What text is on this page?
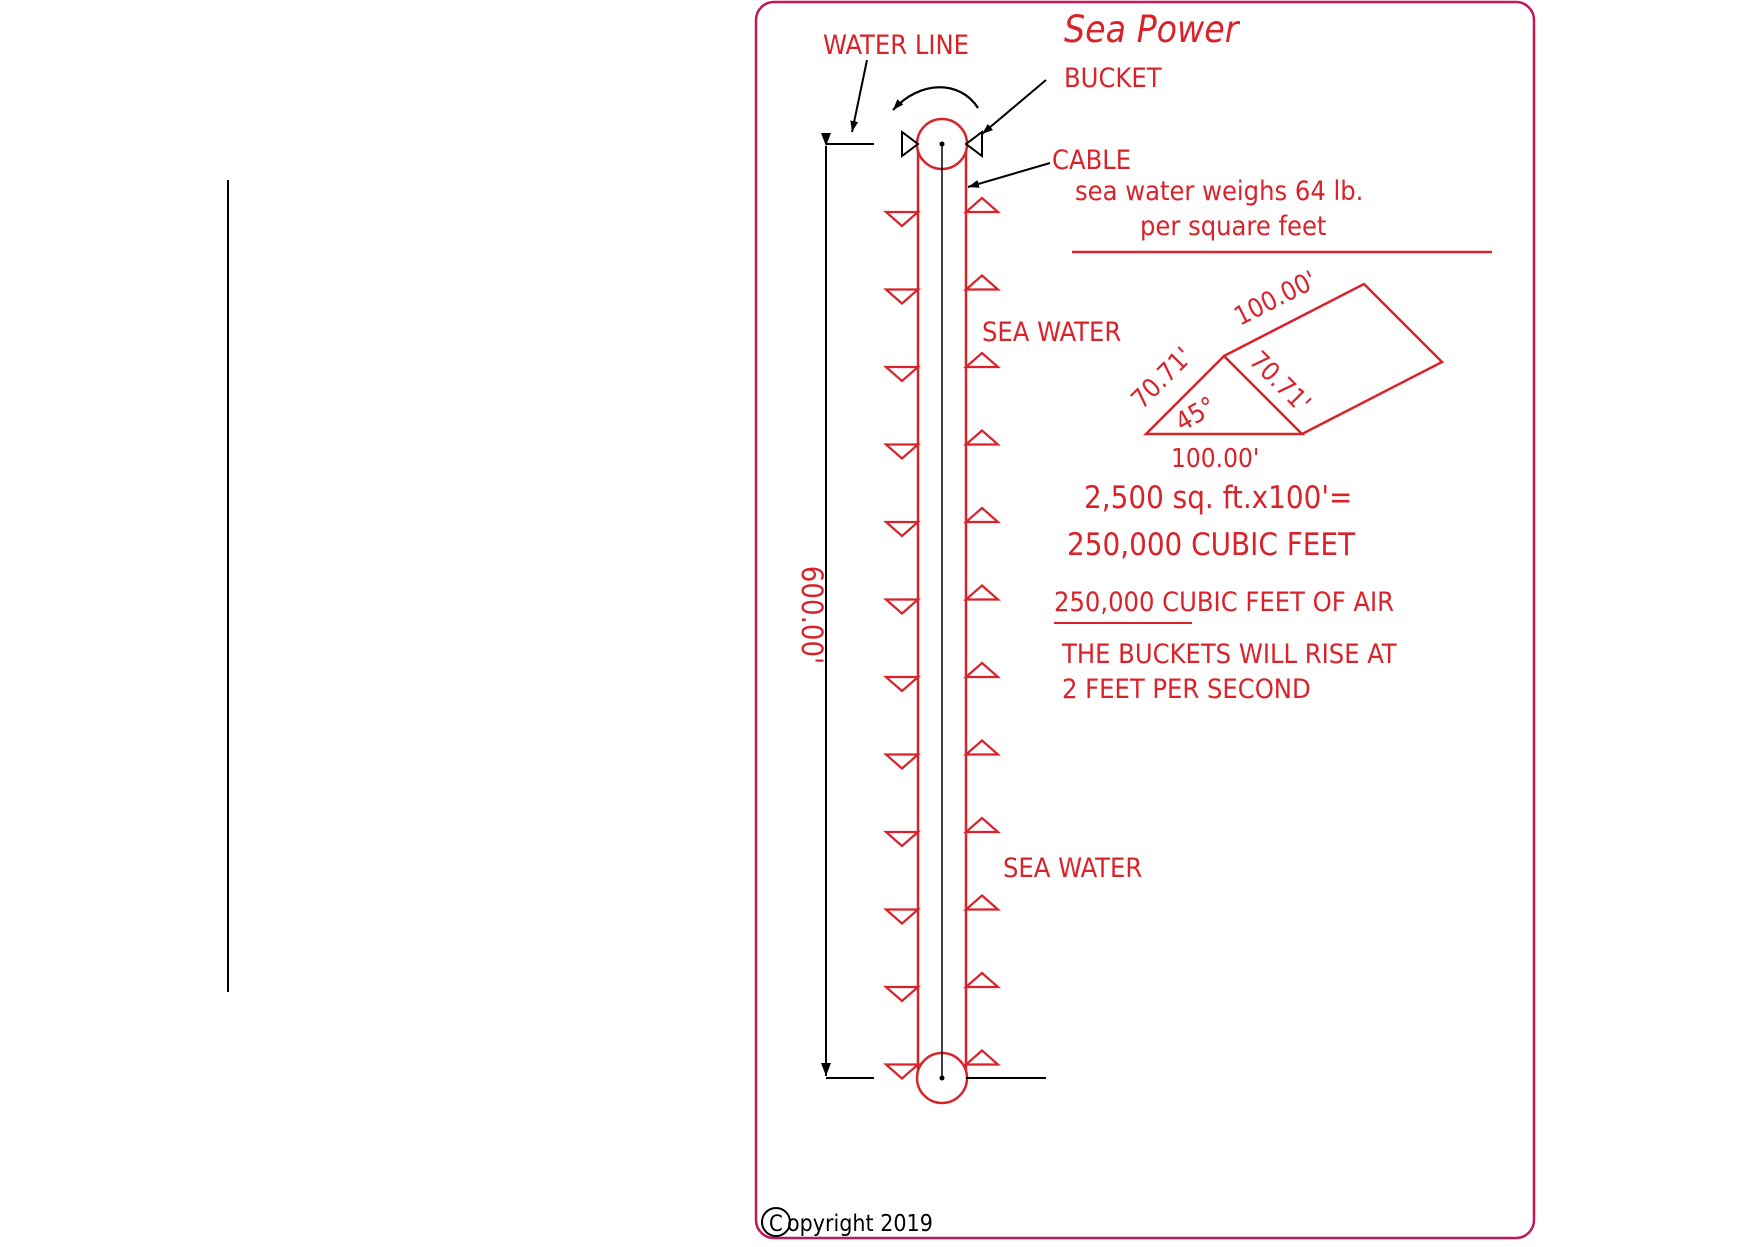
Sea Power
WATER LINE
BUCKET
CABLE
600.00'
SEA WATER
SEA WATER
sea water weighs 64 lb.
per square feet
100.00'
70.71' 70.71'
45°
100.00'
2,500 sq. ft.x100'=
250,000 CUBIC FEET
250,000 CUBIC FEET OF AIR
THE BUCKETS WILL RISE AT
2 FEET PER SECOND
C opyright 2019
